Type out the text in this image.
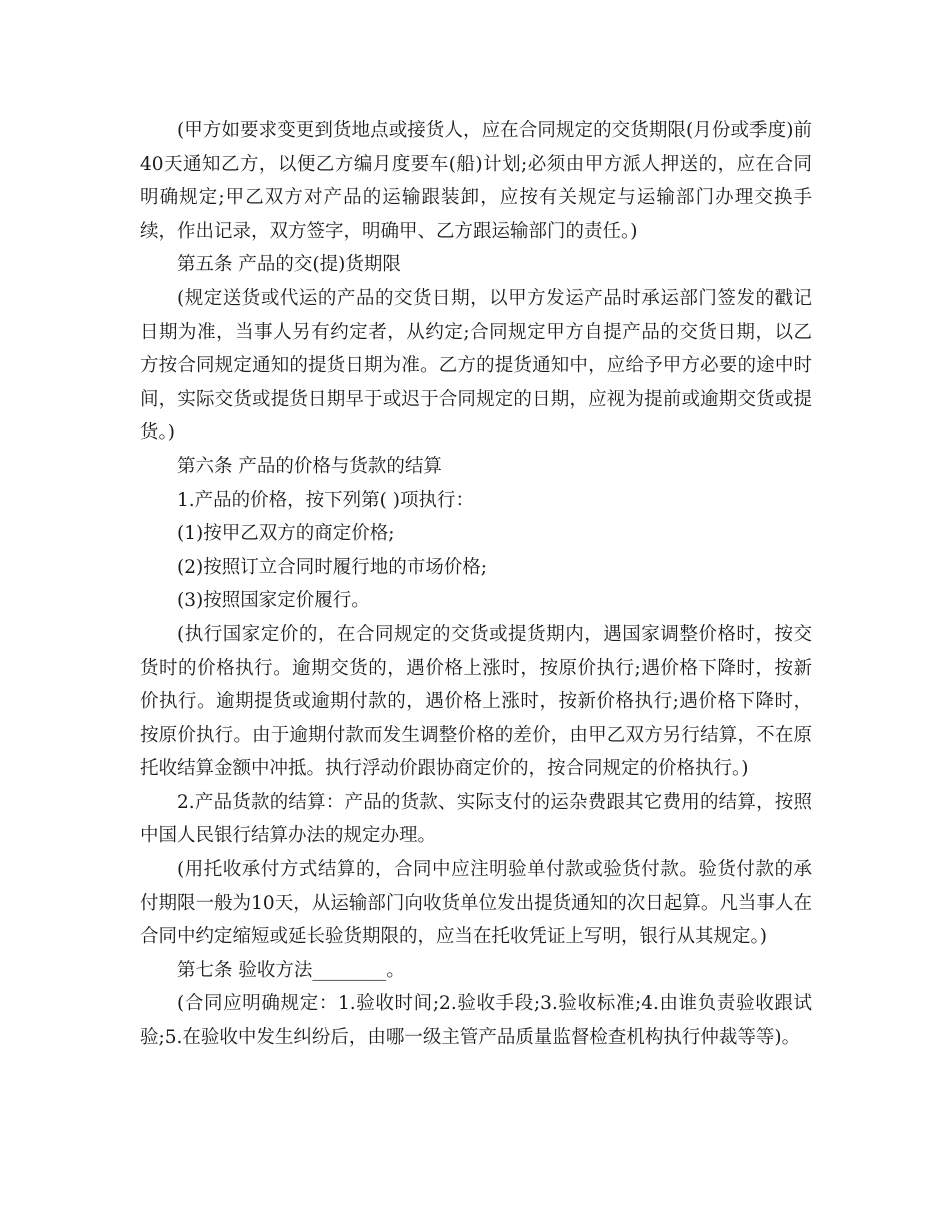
(甲方如要求变更到货地点或接货人，应在合同规定的交货期限(月份或季度)前40天通知乙方，以便乙方编月度要车(船)计划;必须由甲方派人押送的，应在合同明确规定;甲乙双方对产品的运输跟装卸，应按有关规定与运输部门办理交换手续，作出记录，双方签字，明确甲、乙方跟运输部门的责任。)

第五条 产品的交(提)货期限

(规定送货或代运的产品的交货日期，以甲方发运产品时承运部门签发的戳记日期为准，当事人另有约定者，从约定;合同规定甲方自提产品的交货日期，以乙方按合同规定通知的提货日期为准。乙方的提货通知中，应给予甲方必要的途中时间，实际交货或提货日期早于或迟于合同规定的日期，应视为提前或逾期交货或提货。)

第六条 产品的价格与货款的结算

1.产品的价格，按下列第( )项执行：

(1)按甲乙双方的商定价格;

(2)按照订立合同时履行地的市场价格;

(3)按照国家定价履行。

(执行国家定价的，在合同规定的交货或提货期内，遇国家调整价格时，按交货时的价格执行。逾期交货的，遇价格上涨时，按原价执行;遇价格下降时，按新价执行。逾期提货或逾期付款的，遇价格上涨时，按新价格执行;遇价格下降时，按原价执行。由于逾期付款而发生调整价格的差价，由甲乙双方另行结算，不在原托收结算金额中冲抵。执行浮动价跟协商定价的，按合同规定的价格执行。)

2.产品货款的结算：产品的货款、实际支付的运杂费跟其它费用的结算，按照中国人民银行结算办法的规定办理。

(用托收承付方式结算的，合同中应注明验单付款或验货付款。验货付款的承付期限一般为10天，从运输部门向收货单位发出提货通知的次日起算。凡当事人在合同中约定缩短或延长验货期限的，应当在托收凭证上写明，银行从其规定。)

第七条 验收方法________。

(合同应明确规定：1.验收时间;2.验收手段;3.验收标准;4.由谁负责验收跟试验;5.在验收中发生纠纷后，由哪一级主管产品质量监督检查机构执行仲裁等等)。
